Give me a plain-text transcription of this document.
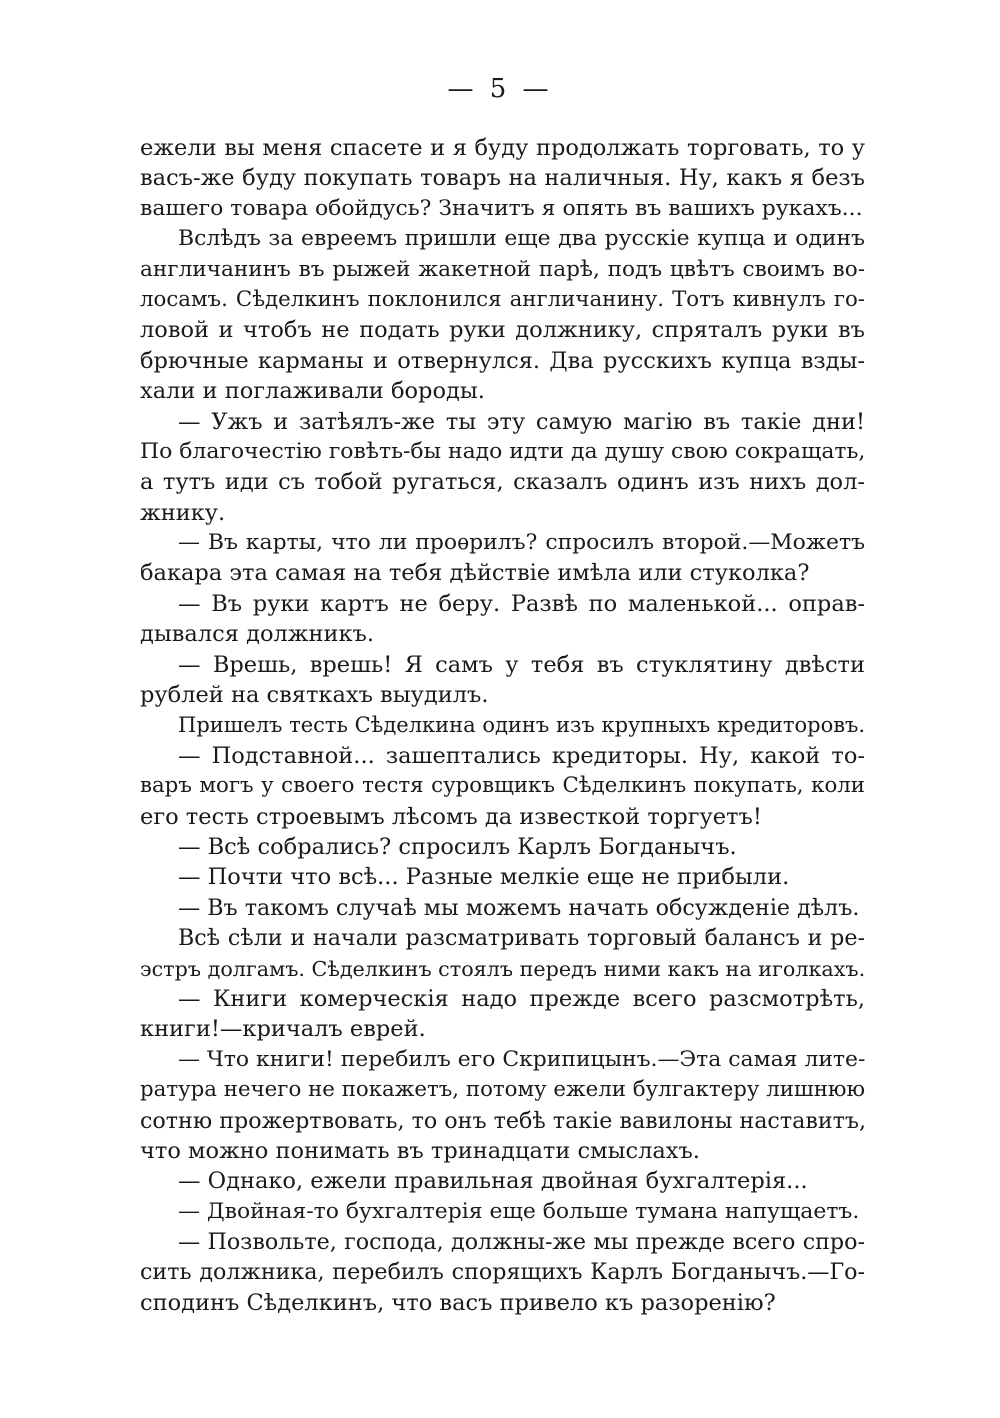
— 5 —
ежели вы меня спасете и я буду продолжать торговать, то у
васъ-же буду покупать товаръ на наличныя. Ну, какъ я безъ
вашего товара обойдусь? Значитъ я опять въ вашихъ рукахъ...
Вслѣдъ за евреемъ пришли еще два русскіе купца и одинъ
англичанинъ въ рыжей жакетной парѣ, подъ цвѣтъ своимъ во-
лосамъ. Сѣделкинъ поклонился англичанину. Тотъ кивнулъ го-
ловой и чтобъ не подать руки должнику, спряталъ руки въ
брючные карманы и отвернулся. Два русскихъ купца взды-
хали и поглаживали бороды.
— Ужъ и затѣялъ-же ты эту самую магію въ такіе дни!
По благочестію говѣть-бы надо идти да душу свою сокращать,
а тутъ иди съ тобой ругаться, сказалъ одинъ изъ нихъ дол-
жнику.
— Въ карты, что ли проѳрилъ? спросилъ второй.—Можетъ
бакара эта самая на тебя дѣйствіе имѣла или стуколка?
— Въ руки картъ не беру. Развѣ по маленькой... оправ-
дывался должникъ.
— Врешь, врешь! Я самъ у тебя въ стуклятину двѣсти
рублей на святкахъ выудилъ.
Пришелъ тесть Сѣделкина одинъ изъ крупныхъ кредиторовъ.
— Подставной... зашептались кредиторы. Ну, какой то-
варъ могъ у своего тестя суровщикъ Сѣделкинъ покупать, коли
его тесть строевымъ лѣсомъ да известкой торгуетъ!
— Всѣ собрались? спросилъ Карлъ Богданычъ.
— Почти что всѣ... Разные мелкіе еще не прибыли.
— Въ такомъ случаѣ мы можемъ начать обсужденіе дѣлъ.
Всѣ сѣли и начали разсматривать торговый балансъ и ре-
эстръ долгамъ. Сѣделкинъ стоялъ передъ ними какъ на иголкахъ.
— Книги комерческія надо прежде всего разсмотрѣть,
книги!—кричалъ еврей.
— Что книги! перебилъ его Скрипицынъ.—Эта самая лите-
ратура нечего не покажетъ, потому ежели булгактеру лишнюю
сотню прожертвовать, то онъ тебѣ такіе вавилоны наставитъ,
что можно понимать въ тринадцати смыслахъ.
— Однако, ежели правильная двойная бухгалтерія...
— Двойная-то бухгалтерія еще больше тумана напущаетъ.
— Позвольте, господа, должны-же мы прежде всего спро-
сить должника, перебилъ спорящихъ Карлъ Богданычъ.—Го-
сподинъ Сѣделкинъ, что васъ привело къ разоренію?
